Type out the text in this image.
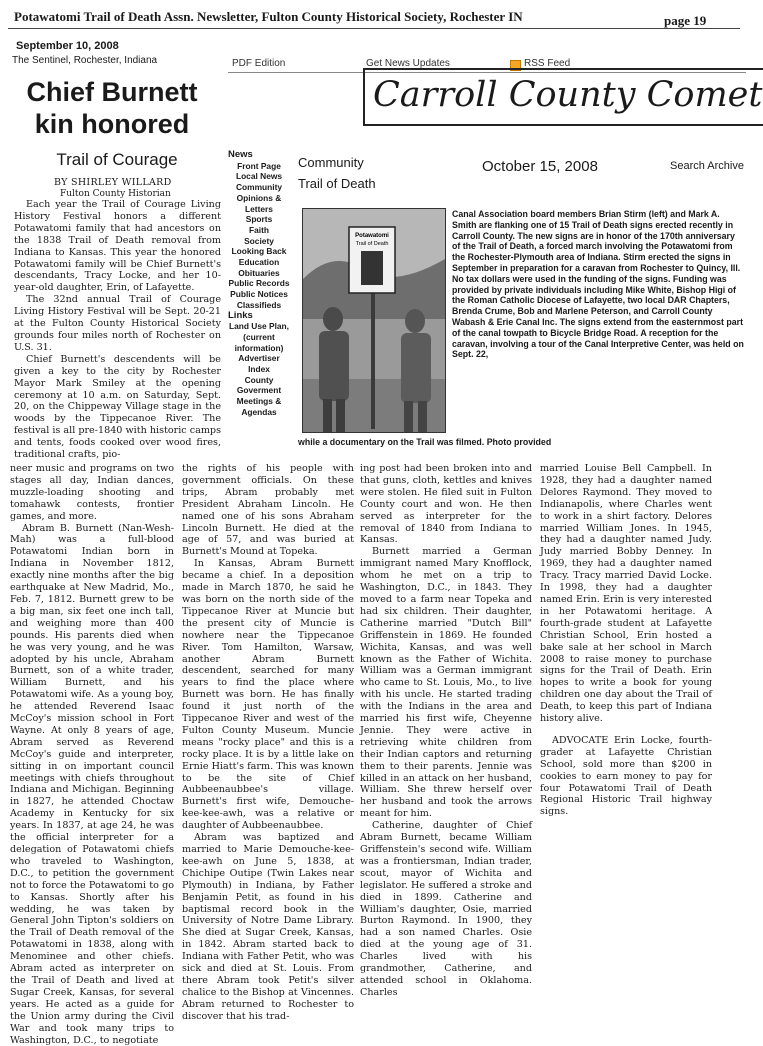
Potawatomi Trail of Death Assn. Newsletter, Fulton County Historical Society, Rochester IN	page 19
September 10, 2008
The Sentinel, Rochester, Indiana
Chief Burnett
kin honored
Trail of Courage
BY SHIRLEY WILLARD
Fulton County Historian

Each year the Trail of Courage Living History Festival honors a different Potawatomi family that had ancestors on the 1838 Trail of Death removal from Indiana to Kansas. This year the honored Potawatomi family will be Chief Burnett's descendants, Tracy Locke, and her 10-year-old daughter, Erin, of Lafayette.

The 32nd annual Trail of Courage Living History Festival will be Sept. 20-21 at the Fulton County Historical Society grounds four miles north of Rochester on U.S. 31.

Chief Burnett's descendents will be given a key to the city by Rochester Mayor Mark Smiley at the opening ceremony at 10 a.m. on Saturday, Sept. 20, on the Chippeway Village stage in the woods by the Tippecanoe River. The festival is all pre-1840 with historic camps and tents, foods cooked over wood fires, traditional crafts, pio-

PDF Edition	Get News Updates	RSS Feed
Carroll County Comet
News
Front Page
Local News
Community
Opinions & Letters
Sports
Faith
Society
Looking Back
Education
Obituaries
Public Records
Public Notices
Classifieds
Links
Land Use Plan, (current information)
Advertiser
Index
County
Goverment Meetings &
Agendas
Community
Trail of Death
October 15, 2008	Search Archive
Potawatomi
Trail of Death
Canal Association board members Brian Stirm (left) and Mark A. Smith are flanking one of 15 Trail of Death signs erected recently in Carroll County. The new signs are in honor of the 170th anniversary of the Trail of Death, a forced march involving the Potawatomi from the Rochester-Plymouth area of Indiana. Stirm erected the signs in September in preparation for a caravan from Rochester to Quincy, Ill. No tax dollars were used in the funding of the signs. Funding was provided by private individuals including Mike White, Bishop Higi of the Roman Catholic Diocese of Lafayette, two local DAR Chapters, Brenda Crume, Bob and Marlene Peterson, and Carroll County Wabash & Erie Canal Inc. The signs extend from the easternmost part of the canal towpath to Bicycle Bridge Road. A reception for the caravan, involving a tour of the Canal Interpretive Center, was held on Sept. 22,
while a documentary on the Trail was filmed. Photo provided

neer music and programs on two stages all day, Indian dances, muzzle-loading shooting and tomahawk contests, frontier games, and more.

Abram B. Burnett (Nan-Wesh-Mah) was a full-blood Potawatomi Indian born in Indiana in November 1812, exactly nine months after the big earthquake at New Madrid, Mo., Feb. 7, 1812. Burnett grew to be a big man, six feet one inch tall, and weighing more than 400 pounds. His parents died when he was very young, and he was adopted by his uncle, Abraham Burnett, son of a white trader, William Burnett, and his Potawatomi wife. As a young boy, he attended Reverend Isaac McCoy's mission school in Fort Wayne. At only 8 years of age, Abram served as Reverend McCoy's guide and interpreter, sitting in on important council meetings with chiefs throughout Indiana and Michigan. Beginning in 1827, he attended Choctaw Academy in Kentucky for six years. In 1837, at age 24, he was the official interpreter for a delegation of Potawatomi chiefs who traveled to Washington, D.C., to petition the government not to force the Potawatomi to go to Kansas. Shortly after his wedding, he was taken by General John Tipton's soldiers on the Trail of Death removal of the Potawatomi in 1838, along with Menominee and other chiefs. Abram acted as interpreter on the Trail of Death and lived at Sugar Creek, Kansas, for several years. He acted as a guide for the Union army during the Civil War and took many trips to Washington, D.C., to negotiate

the rights of his people with government officials. On these trips, Abram probably met President Abraham Lincoln. He named one of his sons Abraham Lincoln Burnett. He died at the age of 57, and was buried at Burnett's Mound at Topeka.

In Kansas, Abram Burnett became a chief. In a deposition made in March 1870, he said he was born on the north side of the Tippecanoe River at Muncie but the present city of Muncie is nowhere near the Tippecanoe River. Tom Hamilton, Warsaw, another Abram Burnett descendent, searched for many years to find the place where Burnett was born. He has finally found it just north of the Tippecanoe River and west of the Fulton County Museum. Muncie means "rocky place" and this is a rocky place. It is by a little lake on Ernie Hiatt's farm. This was known to be the site of Chief Aubbeenaubbee's village. Burnett's first wife, Demouche-kee-kee-awh, was a relative or daughter of Aubbeenaubbee.

Abram was baptized and married to Marie Demouche-kee-kee-awh on June 5, 1838, at Chichipe Outipe (Twin Lakes near Plymouth) in Indiana, by Father Benjamin Petit, as found in his baptismal record book in the University of Notre Dame Library. She died at Sugar Creek, Kansas, in 1842. Abram started back to Indiana with Father Petit, who was sick and died at St. Louis. From there Abram took Petit's silver chalice to the Bishop at Vincennes. Abram returned to Rochester to discover that his trad-

ing post had been broken into and that guns, cloth, kettles and knives were stolen. He filed suit in Fulton County court and won. He then served as interpreter for the removal of 1840 from Indiana to Kansas.

Burnett married a German immigrant named Mary Knofflock, whom he met on a trip to Washington, D.C., in 1843. They moved to a farm near Topeka and had six children. Their daughter, Catherine married "Dutch Bill" Griffenstein in 1869. He founded Wichita, Kansas, and was well known as the Father of Wichita. William was a German immigrant who came to St. Louis, Mo., to live with his uncle. He started trading with the Indians in the area and married his first wife, Cheyenne Jennie. They were active in retrieving white children from their Indian captors and returning them to their parents. Jennie was killed in an attack on her husband, William. She threw herself over her husband and took the arrows meant for him.

Catherine, daughter of Chief Abram Burnett, became William Griffenstein's second wife. William was a frontiersman, Indian trader, scout, mayor of Wichita and legislator. He suffered a stroke and died in 1899. Catherine and William's daughter, Osie, married Burton Raymond. In 1900, they had a son named Charles. Osie died at the young age of 31. Charles lived with his grandmother, Catherine, and attended school in Oklahoma. Charles

married Louise Bell Campbell. In 1928, they had a daughter named Delores Raymond. They moved to Indianapolis, where Charles went to work in a shirt factory. Delores married William Jones. In 1945, they had a daughter named Judy. Judy married Bobby Denney. In 1969, they had a daughter named Tracy. Tracy married David Locke. In 1998, they had a daughter named Erin. Erin is very interested in her Potawatomi heritage. A fourth-grade student at Lafayette Christian School, Erin hosted a bake sale at her school in March 2008 to raise money to purchase signs for the Trail of Death. Erin hopes to write a book for young children one day about the Trail of Death, to keep this part of Indiana history alive.

ADVOCATE Erin Locke, fourth-grader at Lafayette Christian School, sold more than $200 in cookies to earn money to pay for four Potawatomi Trail of Death Regional Historic Trail highway signs.
